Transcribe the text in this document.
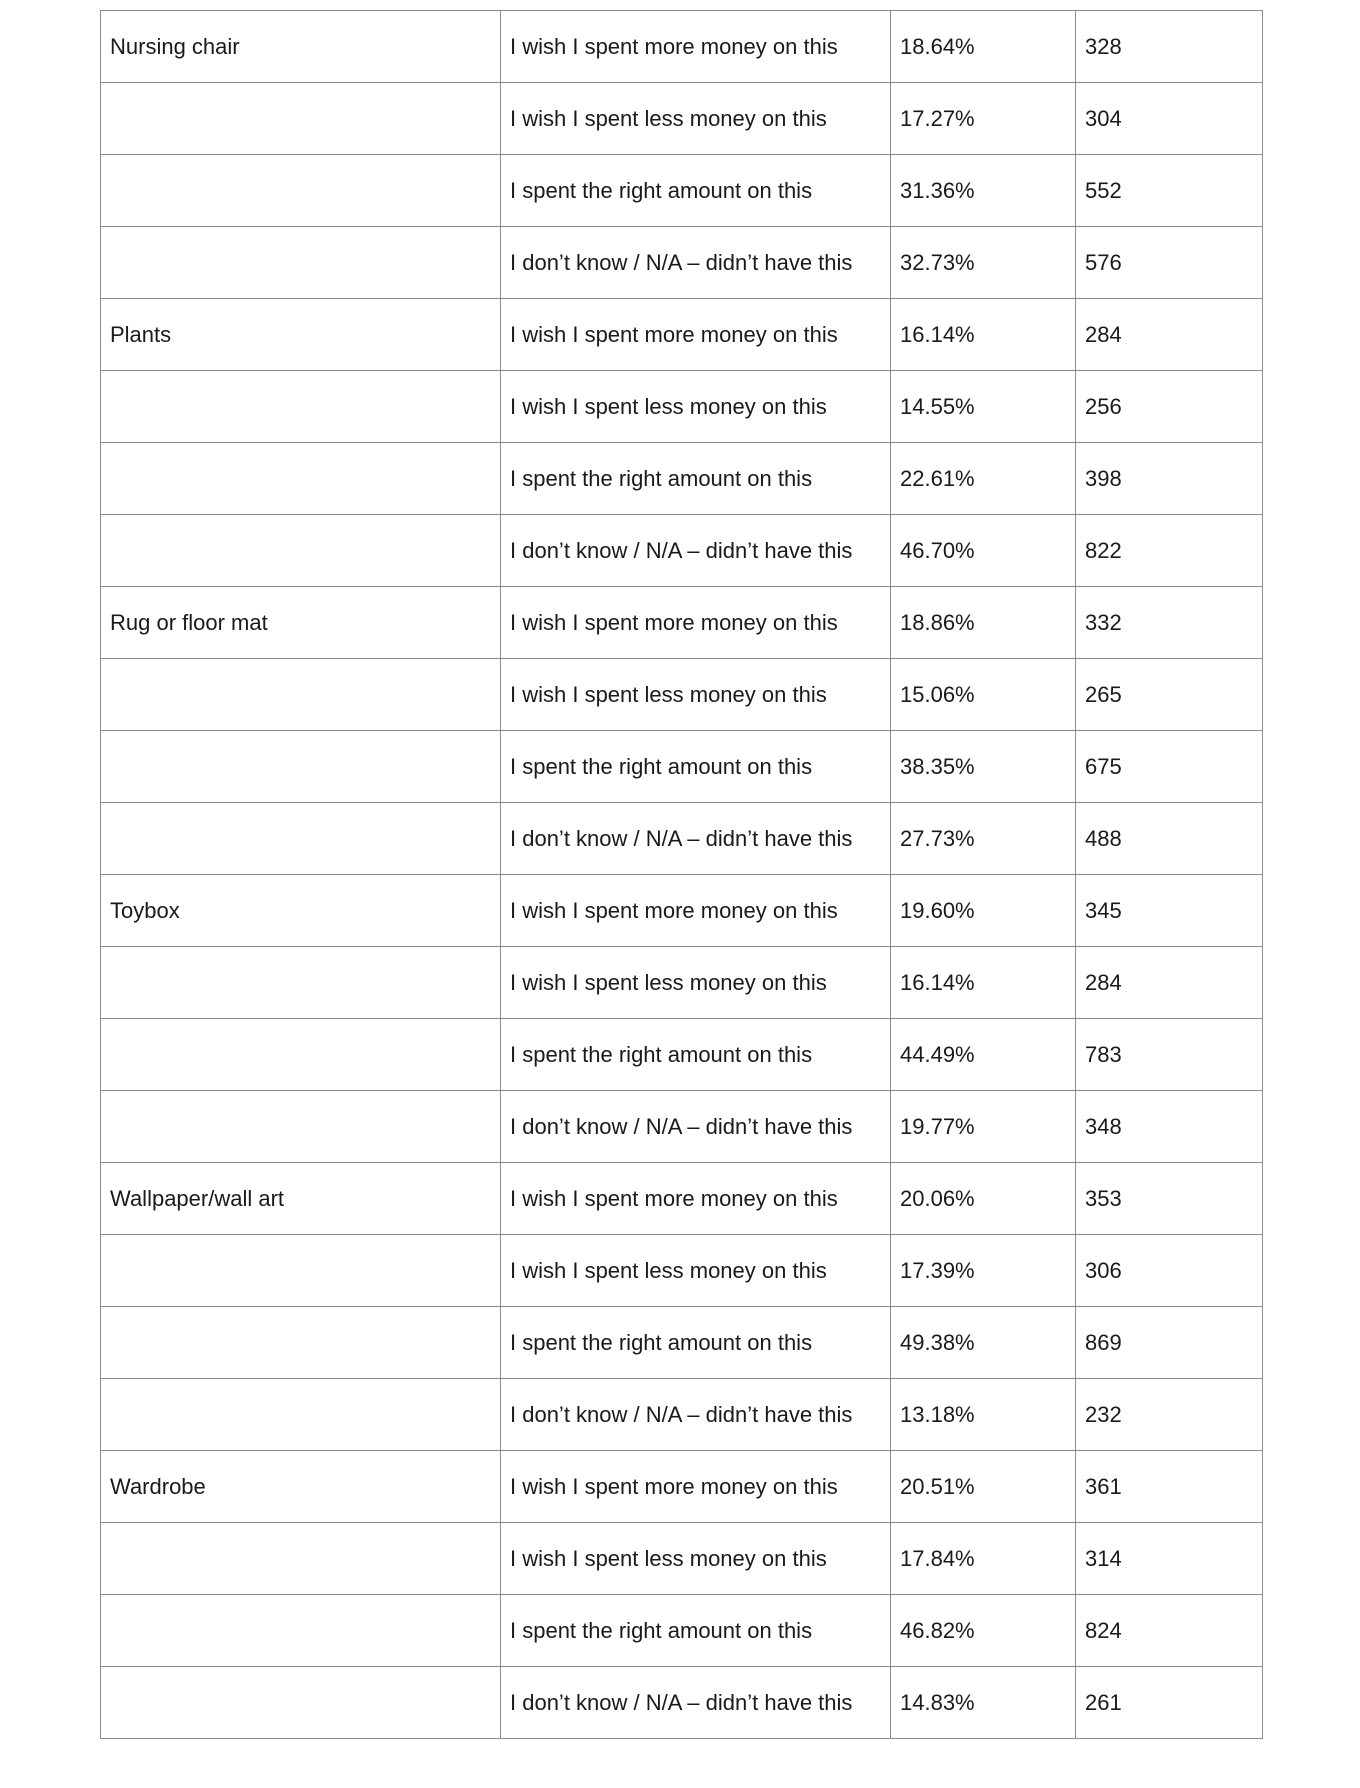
Nursing chair	I wish I spent more money on this	18.64%	328
	I wish I spent less money on this	17.27%	304
	I spent the right amount on this	31.36%	552
	I don’t know / N/A – didn’t have this	32.73%	576
Plants	I wish I spent more money on this	16.14%	284
	I wish I spent less money on this	14.55%	256
	I spent the right amount on this	22.61%	398
	I don’t know / N/A – didn’t have this	46.70%	822
Rug or floor mat	I wish I spent more money on this	18.86%	332
	I wish I spent less money on this	15.06%	265
	I spent the right amount on this	38.35%	675
	I don’t know / N/A – didn’t have this	27.73%	488
Toybox	I wish I spent more money on this	19.60%	345
	I wish I spent less money on this	16.14%	284
	I spent the right amount on this	44.49%	783
	I don’t know / N/A – didn’t have this	19.77%	348
Wallpaper/wall art	I wish I spent more money on this	20.06%	353
	I wish I spent less money on this	17.39%	306
	I spent the right amount on this	49.38%	869
	I don’t know / N/A – didn’t have this	13.18%	232
Wardrobe	I wish I spent more money on this	20.51%	361
	I wish I spent less money on this	17.84%	314
	I spent the right amount on this	46.82%	824
	I don’t know / N/A – didn’t have this	14.83%	261
